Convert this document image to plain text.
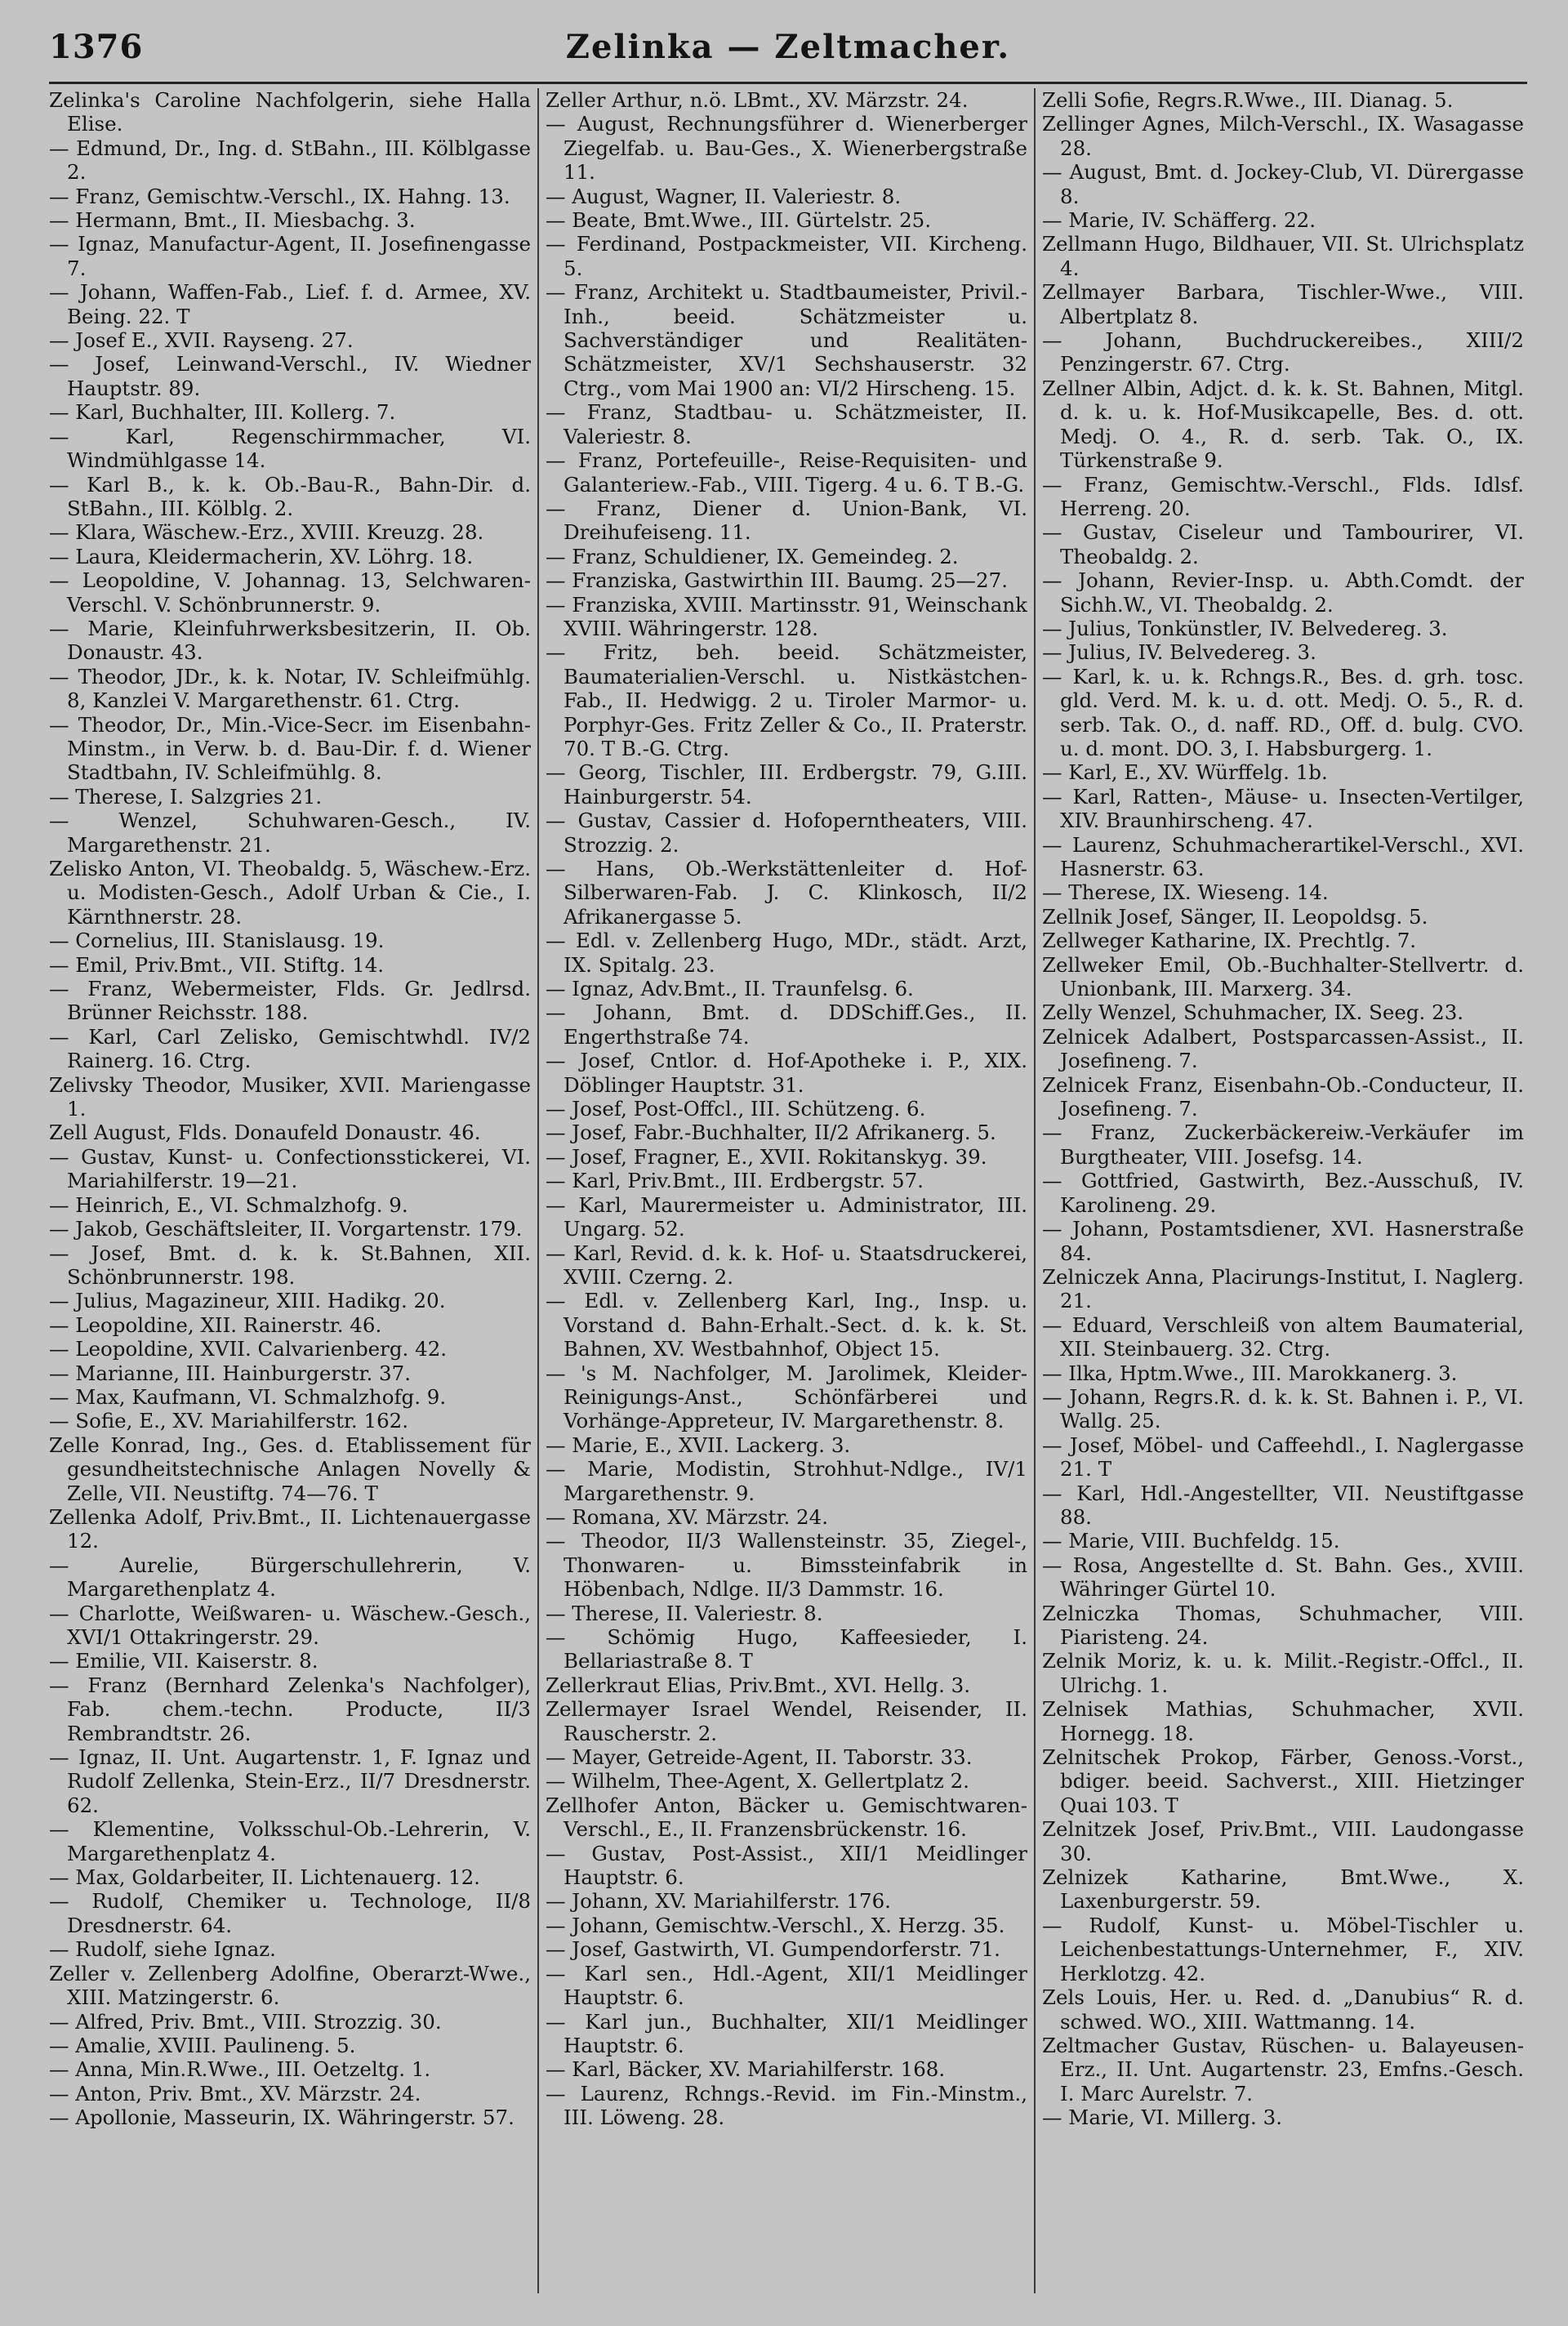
1376	Zelinka — Zeltmacher.

Zelinka's Caroline Nachfolgerin, siehe Halla Elise.

— Edmund, Dr., Ing. d. StBahn., III. Kölblgasse 2.

— Franz, Gemischtw.-Verschl., IX. Hahng. 13.

— Hermann, Bmt., II. Miesbachg. 3.

— Ignaz, Manufactur-Agent, II. Josefinengasse 7.

— Johann, Waffen-Fab., Lief. f. d. Armee, XV. Being. 22. T

— Josef E., XVII. Rayseng. 27.

— Josef, Leinwand-Verschl., IV. Wiedner Hauptstr. 89.

— Karl, Buchhalter, III. Kollerg. 7.

— Karl, Regenschirmmacher, VI. Windmühlgasse 14.

— Karl B., k. k. Ob.-Bau-R., Bahn-Dir. d. StBahn., III. Kölblg. 2.

— Klara, Wäschew.-Erz., XVIII. Kreuzg. 28.

— Laura, Kleidermacherin, XV. Löhrg. 18.

— Leopoldine, V. Johannag. 13, Selchwaren-Verschl. V. Schönbrunnerstr. 9.

— Marie, Kleinfuhrwerksbesitzerin, II. Ob. Donaustr. 43.

— Theodor, JDr., k. k. Notar, IV. Schleifmühlg. 8, Kanzlei V. Margarethenstr. 61. Ctrg.

— Theodor, Dr., Min.-Vice-Secr. im Eisenbahn-Minstm., in Verw. b. d. Bau-Dir. f. d. Wiener Stadtbahn, IV. Schleifmühlg. 8.

— Therese, I. Salzgries 21.

— Wenzel, Schuhwaren-Gesch., IV. Margarethenstr. 21.

Zelisko Anton, VI. Theobaldg. 5, Wäschew.-Erz. u. Modisten-Gesch., Adolf Urban & Cie., I. Kärnthnerstr. 28.

— Cornelius, III. Stanislausg. 19.

— Emil, Priv.Bmt., VII. Stiftg. 14.

— Franz, Webermeister, Flds. Gr. Jedlrsd. Brünner Reichsstr. 188.

— Karl, Carl Zelisko, Gemischtwhdl. IV/2 Rainerg. 16. Ctrg.

Zelivsky Theodor, Musiker, XVII. Mariengasse 1.

Zell August, Flds. Donaufeld Donaustr. 46.

— Gustav, Kunst- u. Confectionsstickerei, VI. Mariahilferstr. 19—21.

— Heinrich, E., VI. Schmalzhofg. 9.

— Jakob, Geschäftsleiter, II. Vorgartenstr. 179.

— Josef, Bmt. d. k. k. St.Bahnen, XII. Schönbrunnerstr. 198.

— Julius, Magazineur, XIII. Hadikg. 20.

— Leopoldine, XII. Rainerstr. 46.

— Leopoldine, XVII. Calvarienberg. 42.

— Marianne, III. Hainburgerstr. 37.

— Max, Kaufmann, VI. Schmalzhofg. 9.

— Sofie, E., XV. Mariahilferstr. 162.

Zelle Konrad, Ing., Ges. d. Etablissement für gesundheitstechnische Anlagen Novelly & Zelle, VII. Neustiftg. 74—76. T

Zellenka Adolf, Priv.Bmt., II. Lichtenauergasse 12.

— Aurelie, Bürgerschullehrerin, V. Margarethenplatz 4.

— Charlotte, Weißwaren- u. Wäschew.-Gesch., XVI/1 Ottakringerstr. 29.

— Emilie, VII. Kaiserstr. 8.

— Franz (Bernhard Zelenka's Nachfolger), Fab. chem.-techn. Producte, II/3 Rembrandtstr. 26.

— Ignaz, II. Unt. Augartenstr. 1, F. Ignaz und Rudolf Zellenka, Stein-Erz., II/7 Dresdnerstr. 62.

— Klementine, Volksschul-Ob.-Lehrerin, V. Margarethenplatz 4.

— Max, Goldarbeiter, II. Lichtenauerg. 12.

— Rudolf, Chemiker u. Technologe, II/8 Dresdnerstr. 64.

— Rudolf, siehe Ignaz.

Zeller v. Zellenberg Adolfine, Oberarzt-Wwe., XIII. Matzingerstr. 6.

— Alfred, Priv. Bmt., VIII. Strozzig. 30.

— Amalie, XVIII. Paulineng. 5.

— Anna, Min.R.Wwe., III. Oetzeltg. 1.

— Anton, Priv. Bmt., XV. Märzstr. 24.

— Apollonie, Masseurin, IX. Währingerstr. 57.

Zeller Arthur, n.ö. LBmt., XV. Märzstr. 24.

— August, Rechnungsführer d. Wienerberger Ziegelfab. u. Bau-Ges., X. Wienerbergstraße 11.

— August, Wagner, II. Valeriestr. 8.

— Beate, Bmt.Wwe., III. Gürtelstr. 25.

— Ferdinand, Postpackmeister, VII. Kircheng. 5.

— Franz, Architekt u. Stadtbaumeister, Privil.-Inh., beeid. Schätzmeister u. Sachverständiger und Realitäten-Schätzmeister, XV/1 Sechshauserstr. 32 Ctrg., vom Mai 1900 an: VI/2 Hirscheng. 15.

— Franz, Stadtbau- u. Schätzmeister, II. Valeriestr. 8.

— Franz, Portefeuille-, Reise-Requisiten- und Galanteriew.-Fab., VIII. Tigerg. 4 u. 6. T B.-G.

— Franz, Diener d. Union-Bank, VI. Dreihufeiseng. 11.

— Franz, Schuldiener, IX. Gemeindeg. 2.

— Franziska, Gastwirthin III. Baumg. 25—27.

— Franziska, XVIII. Martinsstr. 91, Weinschank XVIII. Währingerstr. 128.

— Fritz, beh. beeid. Schätzmeister, Baumaterialien-Verschl. u. Nistkästchen-Fab., II. Hedwigg. 2 u. Tiroler Marmor- u. Porphyr-Ges. Fritz Zeller & Co., II. Praterstr. 70. T B.-G. Ctrg.

— Georg, Tischler, III. Erdbergstr. 79, G.III. Hainburgerstr. 54.

— Gustav, Cassier d. Hofoperntheaters, VIII. Strozzig. 2.

— Hans, Ob.-Werkstättenleiter d. Hof-Silberwaren-Fab. J. C. Klinkosch, II/2 Afrikanergasse 5.

— Edl. v. Zellenberg Hugo, MDr., städt. Arzt, IX. Spitalg. 23.

— Ignaz, Adv.Bmt., II. Traunfelsg. 6.

— Johann, Bmt. d. DDSchiff.Ges., II. Engerthstraße 74.

— Josef, Cntlor. d. Hof-Apotheke i. P., XIX. Döblinger Hauptstr. 31.

— Josef, Post-Offcl., III. Schützeng. 6.

— Josef, Fabr.-Buchhalter, II/2 Afrikanerg. 5.

— Josef, Fragner, E., XVII. Rokitanskyg. 39.

— Karl, Priv.Bmt., III. Erdbergstr. 57.

— Karl, Maurermeister u. Administrator, III. Ungarg. 52.

— Karl, Revid. d. k. k. Hof- u. Staatsdruckerei, XVIII. Czerng. 2.

— Edl. v. Zellenberg Karl, Ing., Insp. u. Vorstand d. Bahn-Erhalt.-Sect. d. k. k. St. Bahnen, XV. Westbahnhof, Object 15.

— 's M. Nachfolger, M. Jarolimek, Kleider-Reinigungs-Anst., Schönfärberei und Vorhänge-Appreteur, IV. Margarethenstr. 8.

— Marie, E., XVII. Lackerg. 3.

— Marie, Modistin, Strohhut-Ndlge., IV/1 Margarethenstr. 9.

— Romana, XV. Märzstr. 24.

— Theodor, II/3 Wallensteinstr. 35, Ziegel-, Thonwaren- u. Bimssteinfabrik in Höbenbach, Ndlge. II/3 Dammstr. 16.

— Therese, II. Valeriestr. 8.

— Schömig Hugo, Kaffeesieder, I. Bellariastraße 8. T

Zellerkraut Elias, Priv.Bmt., XVI. Hellg. 3.

Zellermayer Israel Wendel, Reisender, II. Rauscherstr. 2.

— Mayer, Getreide-Agent, II. Taborstr. 33.

— Wilhelm, Thee-Agent, X. Gellertplatz 2.

Zellhofer Anton, Bäcker u. Gemischtwaren-Verschl., E., II. Franzensbrückenstr. 16.

— Gustav, Post-Assist., XII/1 Meidlinger Hauptstr. 6.

— Johann, XV. Mariahilferstr. 176.

— Johann, Gemischtw.-Verschl., X. Herzg. 35.

— Josef, Gastwirth, VI. Gumpendorferstr. 71.

— Karl sen., Hdl.-Agent, XII/1 Meidlinger Hauptstr. 6.

— Karl jun., Buchhalter, XII/1 Meidlinger Hauptstr. 6.

— Karl, Bäcker, XV. Mariahilferstr. 168.

— Laurenz, Rchngs.-Revid. im Fin.-Minstm., III. Löweng. 28.

Zelli Sofie, Regrs.R.Wwe., III. Dianag. 5.

Zellinger Agnes, Milch-Verschl., IX. Wasagasse 28.

— August, Bmt. d. Jockey-Club, VI. Dürergasse 8.

— Marie, IV. Schäfferg. 22.

Zellmann Hugo, Bildhauer, VII. St. Ulrichsplatz 4.

Zellmayer Barbara, Tischler-Wwe., VIII. Albertplatz 8.

— Johann, Buchdruckereibes., XIII/2 Penzingerstr. 67. Ctrg.

Zellner Albin, Adjct. d. k. k. St. Bahnen, Mitgl. d. k. u. k. Hof-Musikcapelle, Bes. d. ott. Medj. O. 4., R. d. serb. Tak. O., IX. Türkenstraße 9.

— Franz, Gemischtw.-Verschl., Flds. Idlsf. Herreng. 20.

— Gustav, Ciseleur und Tambourirer, VI. Theobaldg. 2.

— Johann, Revier-Insp. u. Abth.Comdt. der Sichh.W., VI. Theobaldg. 2.

— Julius, Tonkünstler, IV. Belvedereg. 3.

— Julius, IV. Belvedereg. 3.

— Karl, k. u. k. Rchngs.R., Bes. d. grh. tosc. gld. Verd. M. k. u. d. ott. Medj. O. 5., R. d. serb. Tak. O., d. naff. RD., Off. d. bulg. CVO. u. d. mont. DO. 3, I. Habsburgerg. 1.

— Karl, E., XV. Würffelg. 1b.

— Karl, Ratten-, Mäuse- u. Insecten-Vertilger, XIV. Braunhirscheng. 47.

— Laurenz, Schuhmacherartikel-Verschl., XVI. Hasnerstr. 63.

— Therese, IX. Wieseng. 14.

Zellnik Josef, Sänger, II. Leopoldsg. 5.

Zellweger Katharine, IX. Prechtlg. 7.

Zellweker Emil, Ob.-Buchhalter-Stellvertr. d. Unionbank, III. Marxerg. 34.

Zelly Wenzel, Schuhmacher, IX. Seeg. 23.

Zelnicek Adalbert, Postsparcassen-Assist., II. Josefineng. 7.

Zelnicek Franz, Eisenbahn-Ob.-Conducteur, II. Josefineng. 7.

— Franz, Zuckerbäckereiw.-Verkäufer im Burgtheater, VIII. Josefsg. 14.

— Gottfried, Gastwirth, Bez.-Ausschuß, IV. Karolineng. 29.

— Johann, Postamtsdiener, XVI. Hasnerstraße 84.

Zelniczek Anna, Placirungs-Institut, I. Naglerg. 21.

— Eduard, Verschleiß von altem Baumaterial, XII. Steinbauerg. 32. Ctrg.

— Ilka, Hptm.Wwe., III. Marokkanerg. 3.

— Johann, Regrs.R. d. k. k. St. Bahnen i. P., VI. Wallg. 25.

— Josef, Möbel- und Caffeehdl., I. Naglergasse 21. T

— Karl, Hdl.-Angestellter, VII. Neustiftgasse 88.

— Marie, VIII. Buchfeldg. 15.

— Rosa, Angestellte d. St. Bahn. Ges., XVIII. Währinger Gürtel 10.

Zelniczka Thomas, Schuhmacher, VIII. Piaristeng. 24.

Zelnik Moriz, k. u. k. Milit.-Registr.-Offcl., II. Ulrichg. 1.

Zelnisek Mathias, Schuhmacher, XVII. Hornegg. 18.

Zelnitschek Prokop, Färber, Genoss.-Vorst., bdiger. beeid. Sachverst., XIII. Hietzinger Quai 103. T

Zelnitzek Josef, Priv.Bmt., VIII. Laudongasse 30.

Zelnizek Katharine, Bmt.Wwe., X. Laxenburgerstr. 59.

— Rudolf, Kunst- u. Möbel-Tischler u. Leichenbestattungs-Unternehmer, F., XIV. Herklotzg. 42.

Zels Louis, Her. u. Red. d. „Danubius“ R. d. schwed. WO., XIII. Wattmanng. 14.

Zeltmacher Gustav, Rüschen- u. Balayeusen-Erz., II. Unt. Augartenstr. 23, Emfns.-Gesch. I. Marc Aurelstr. 7.

— Marie, VI. Millerg. 3.
